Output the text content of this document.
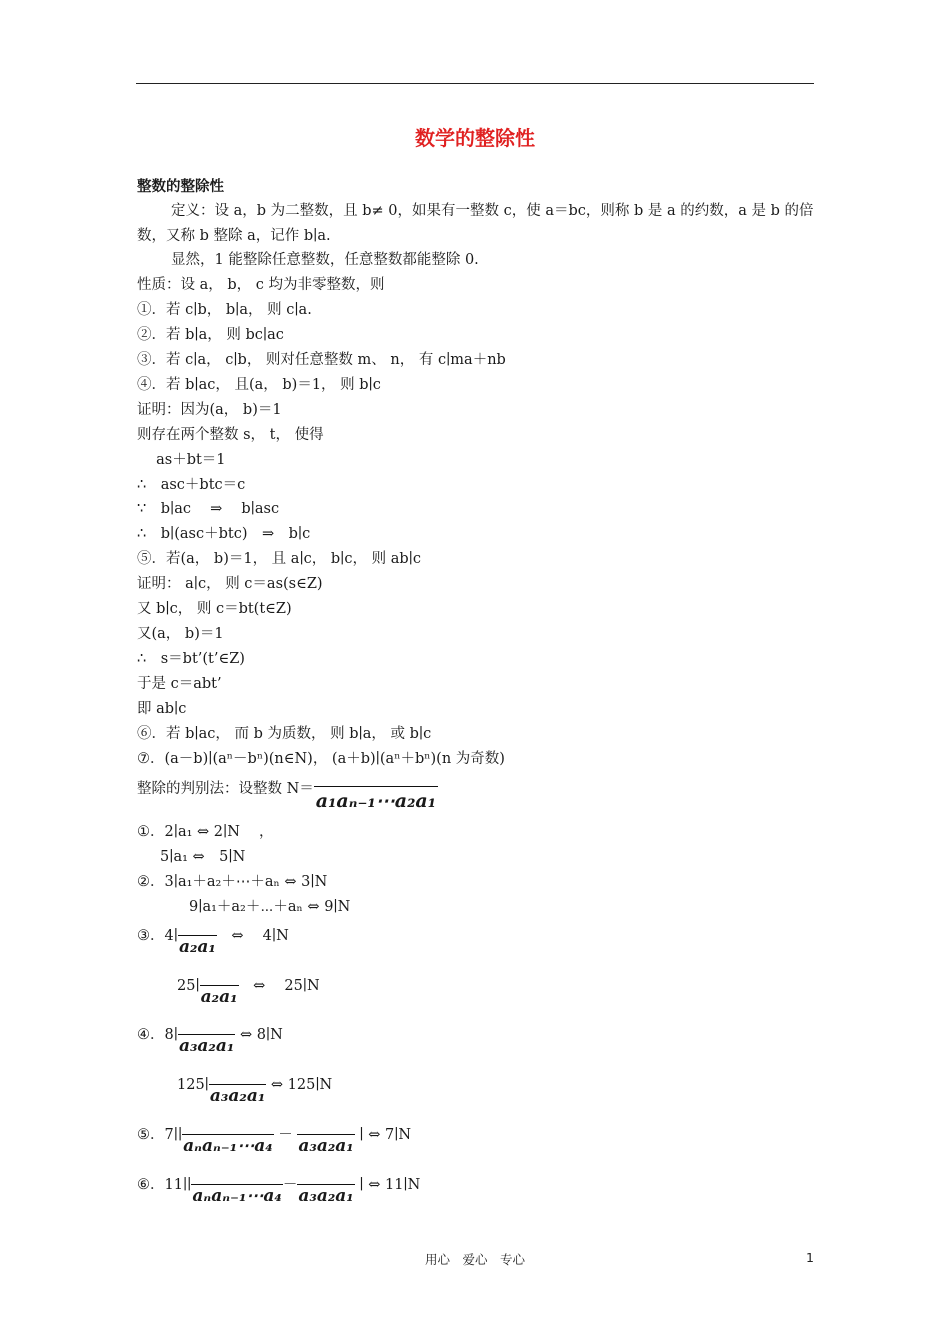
数学的整除性
整数的整除性
定义：设 a，b 为二整数，且 b≠ 0，如果有一整数 c，使 a＝bc，则称 b 是 a 的约数，a 是 b 的倍数，又称 b 整除 a，记作 b∣a.
显然，1 能整除任意整数，任意整数都能整除 0.
性质：设 a， b， c 均为非零整数，则
①．若 c∣b， b∣a， 则 c∣a.
②．若 b∣a， 则 bc∣ac
③．若 c∣a， c∣b， 则对任意整数 m、 n， 有 c∣ma＋nb
④．若 b∣ac， 且(a， b)＝1， 则 b∣c
证明：因为(a， b)＝1
则存在两个整数 s， t， 使得
　 as＋bt＝1
∴　asc＋btc＝c
∵　b∣ac　 ⇒　 b∣asc
∴　b∣(asc＋btc)　⇒　b∣c
⑤．若(a， b)＝1， 且 a∣c， b∣c， 则 ab∣c
证明： a∣c， 则 c＝as(s∈Z)
又 b∣c， 则 c＝bt(t∈Z)
又(a， b)＝1
∴　s＝bt’(t’∈Z)
于是 c＝abt’
即 ab∣c
⑥．若 b∣ac， 而 b 为质数， 则 b∣a， 或 b∣c
⑦．(a－b)∣(aⁿ－bⁿ)(n∈N)， (a＋b)∣(aⁿ＋bⁿ)(n 为奇数)
整除的判别法：设整数 N＝a₁aₙ₋₁⋯a₂a₁
①．2∣a₁ ⇔ 2∣N　 ，
5∣a₁ ⇔　5∣N
②．3∣a₁＋a₂＋⋯＋aₙ ⇔ 3∣N
9∣a₁＋a₂＋⋯＋aₙ ⇔ 9∣N
③．4∣a₂a₁　⇔　 4∣N
25∣a₂a₁　⇔　 25∣N
④．8∣a₃a₂a₁ ⇔ 8∣N
125∣a₃a₂a₁ ⇔ 125∣N
⑤．7∣∣aₙaₙ₋₁⋯a₄ － a₃a₂a₁ ∣ ⇔ 7∣N
⑥．11∣∣aₙaₙ₋₁⋯a₄－a₃a₂a₁ ∣ ⇔ 11∣N
用心　爱心　专心	1
